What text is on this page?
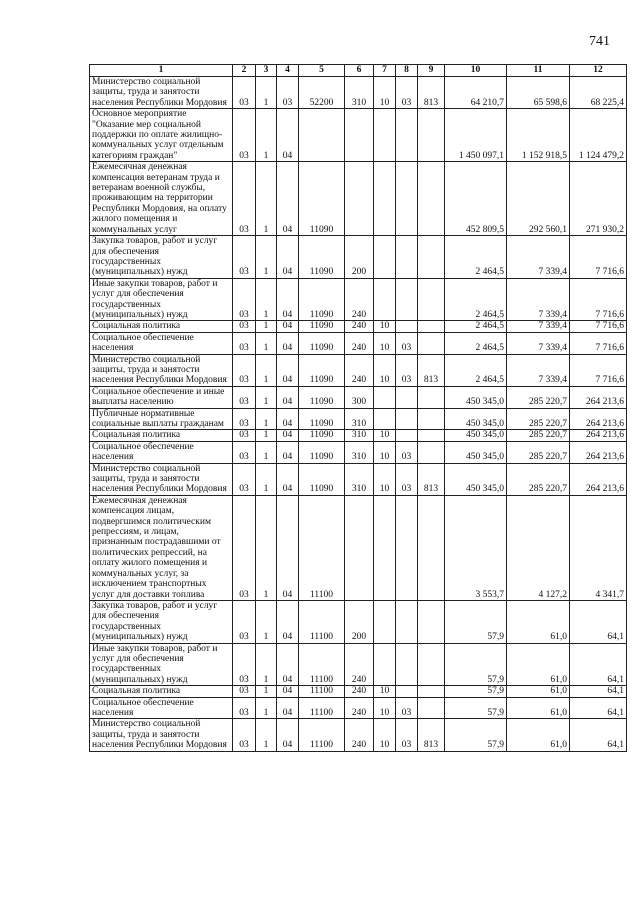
741
1	2	3	4	5	6	7	8	9	10	11	12
Министерство социальной защиты, труда и занятости населения Республики Мордовия	03	1	03	52200	310	10	03	813	64 210,7	65 598,6	68 225,4
Основное мероприятие "Оказание мер социальной поддержки по оплате жилищно-коммунальных услуг отдельным категориям граждан"	03	1	04						1 450 097,1	1 152 918,5	1 124 479,2
Ежемесячная денежная компенсация ветеранам труда и ветеранам военной службы, проживающим на территории Республики Мордовия, на оплату жилого помещения и коммунальных услуг	03	1	04	11090					452 809,5	292 560,1	271 930,2
Закупка товаров, работ и услуг для обеспечения государственных (муниципальных) нужд	03	1	04	11090	200				2 464,5	7 339,4	7 716,6
Иные закупки товаров, работ и услуг для обеспечения государственных (муниципальных) нужд	03	1	04	11090	240				2 464,5	7 339,4	7 716,6
Социальная политика	03	1	04	11090	240	10			2 464,5	7 339,4	7 716,6
Социальное обеспечение населения	03	1	04	11090	240	10	03		2 464,5	7 339,4	7 716,6
Министерство социальной защиты, труда и занятости населения Республики Мордовия	03	1	04	11090	240	10	03	813	2 464,5	7 339,4	7 716,6
Социальное обеспечение и иные выплаты населению	03	1	04	11090	300				450 345,0	285 220,7	264 213,6
Публичные нормативные социальные выплаты гражданам	03	1	04	11090	310				450 345,0	285 220,7	264 213,6
Социальная политика	03	1	04	11090	310	10			450 345,0	285 220,7	264 213,6
Социальное обеспечение населения	03	1	04	11090	310	10	03		450 345,0	285 220,7	264 213,6
Министерство социальной защиты, труда и занятости населения Республики Мордовия	03	1	04	11090	310	10	03	813	450 345,0	285 220,7	264 213,6
Ежемесячная денежная компенсация лицам, подвергшимся политическим репрессиям, и лицам, признанным пострадавшими от политических репрессий, на оплату жилого помещения и коммунальных услуг, за исключением транспортных услуг для доставки топлива	03	1	04	11100					3 553,7	4 127,2	4 341,7
Закупка товаров, работ и услуг для обеспечения государственных (муниципальных) нужд	03	1	04	11100	200				57,9	61,0	64,1
Иные закупки товаров, работ и услуг для обеспечения государственных (муниципальных) нужд	03	1	04	11100	240				57,9	61,0	64,1
Социальная политика	03	1	04	11100	240	10			57,9	61,0	64,1
Социальное обеспечение населения	03	1	04	11100	240	10	03		57,9	61,0	64,1
Министерство социальной защиты, труда и занятости населения Республики Мордовия	03	1	04	11100	240	10	03	813	57,9	61,0	64,1
